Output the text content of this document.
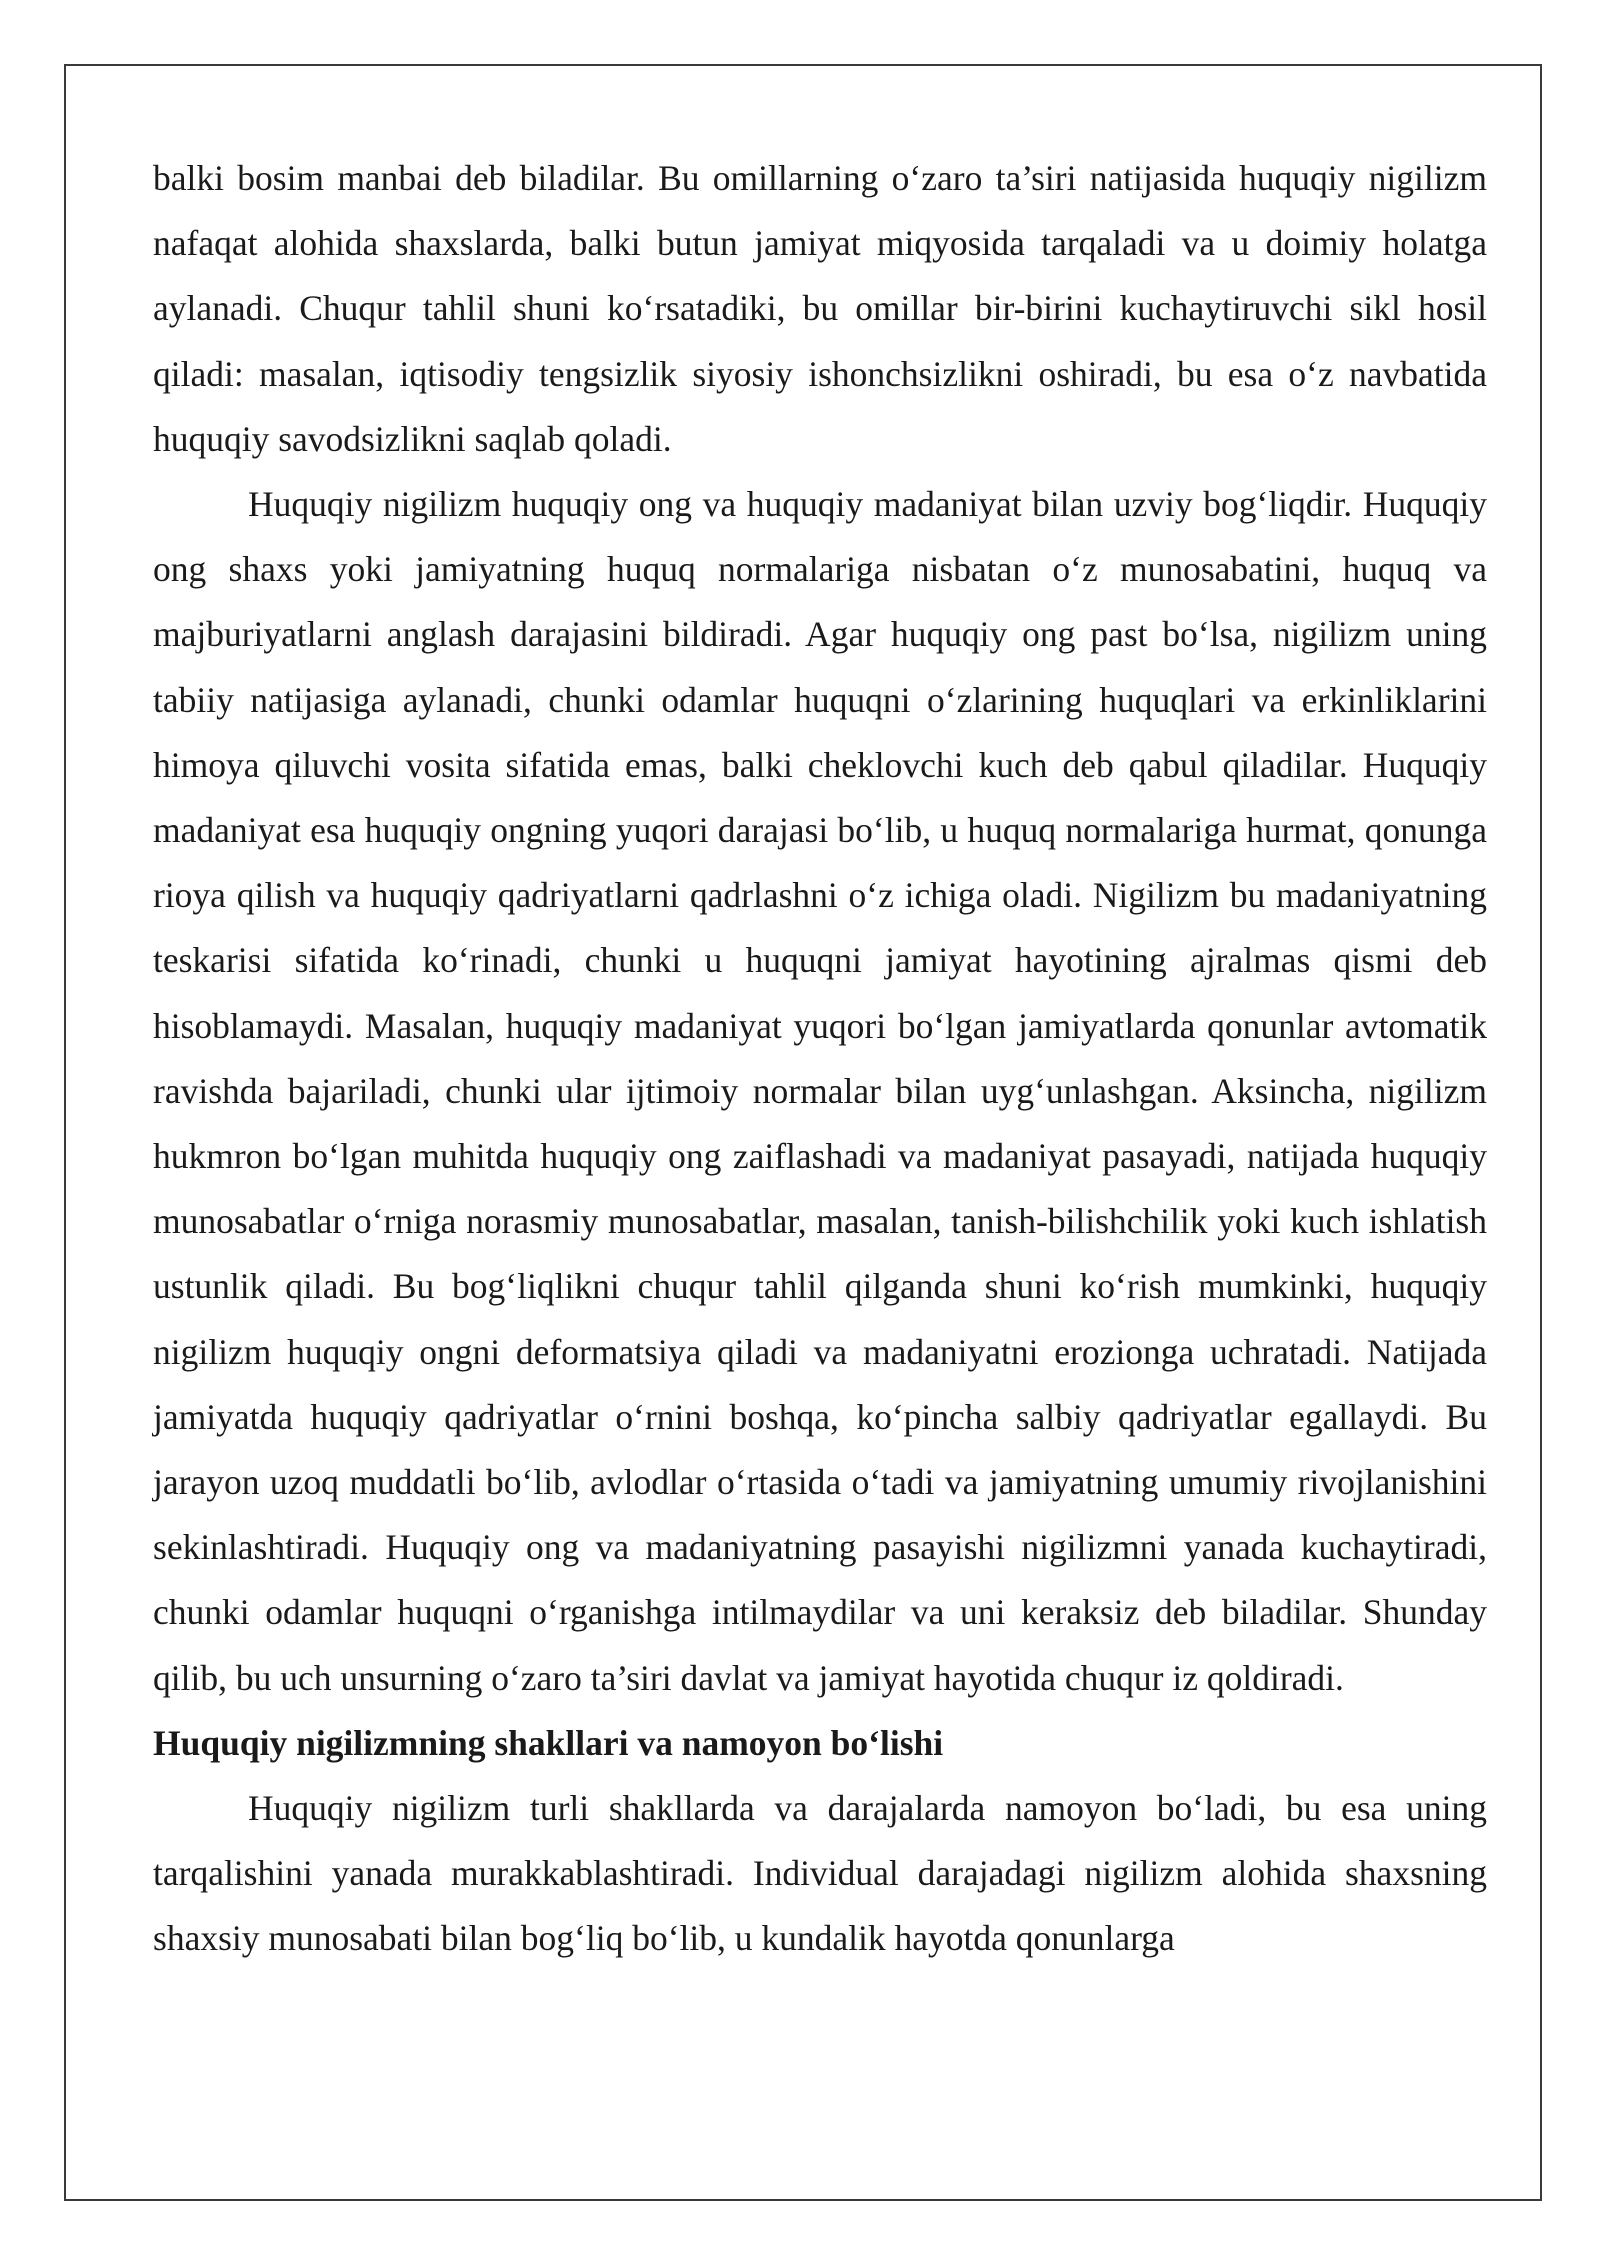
balki bosim manbai deb biladilar. Bu omillarning o‘zaro ta’siri natijasida huquqiy nigilizm nafaqat alohida shaxslarda, balki butun jamiyat miqyosida tarqaladi va u doimiy holatga aylanadi. Chuqur tahlil shuni ko‘rsatadiki, bu omillar bir-birini kuchaytiruvchi sikl hosil qiladi: masalan, iqtisodiy tengsizlik siyosiy ishonchsizlikni oshiradi, bu esa o‘z navbatida huquqiy savodsizlikni saqlab qoladi.

Huquqiy nigilizm huquqiy ong va huquqiy madaniyat bilan uzviy bog‘liqdir. Huquqiy ong shaxs yoki jamiyatning huquq normalariga nisbatan o‘z munosabatini, huquq va majburiyatlarni anglash darajasini bildiradi. Agar huquqiy ong past bo‘lsa, nigilizm uning tabiiy natijasiga aylanadi, chunki odamlar huquqni o‘zlarining huquqlari va erkinliklarini himoya qiluvchi vosita sifatida emas, balki cheklovchi kuch deb qabul qiladilar. Huquqiy madaniyat esa huquqiy ongning yuqori darajasi bo‘lib, u huquq normalariga hurmat, qonunga rioya qilish va huquqiy qadriyatlarni qadrlashni o‘z ichiga oladi. Nigilizm bu madaniyatning teskarisi sifatida ko‘rinadi, chunki u huquqni jamiyat hayotining ajralmas qismi deb hisoblamaydi. Masalan, huquqiy madaniyat yuqori bo‘lgan jamiyatlarda qonunlar avtomatik ravishda bajariladi, chunki ular ijtimoiy normalar bilan uyg‘unlashgan. Aksincha, nigilizm hukmron bo‘lgan muhitda huquqiy ong zaiflashadi va madaniyat pasayadi, natijada huquqiy munosabatlar o‘rniga norasmiy munosabatlar, masalan, tanish-bilishchilik yoki kuch ishlatish ustunlik qiladi. Bu bog‘liqlikni chuqur tahlil qilganda shuni ko‘rish mumkinki, huquqiy nigilizm huquqiy ongni deformatsiya qiladi va madaniyatni erozionga uchratadi. Natijada jamiyatda huquqiy qadriyatlar o‘rnini boshqa, ko‘pincha salbiy qadriyatlar egallaydi. Bu jarayon uzoq muddatli bo‘lib, avlodlar o‘rtasida o‘tadi va jamiyatning umumiy rivojlanishini sekinlashtiradi. Huquqiy ong va madaniyatning pasayishi nigilizmni yanada kuchaytiradi, chunki odamlar huquqni o‘rganishga intilmaydilar va uni keraksiz deb biladilar. Shunday qilib, bu uch unsurning o‘zaro ta’siri davlat va jamiyat hayotida chuqur iz qoldiradi.

Huquqiy nigilizmning shakllari va namoyon bo‘lishi

Huquqiy nigilizm turli shakllarda va darajalarda namoyon bo‘ladi, bu esa uning tarqalishini yanada murakkablashtiradi. Individual darajadagi nigilizm alohida shaxsning shaxsiy munosabati bilan bog‘liq bo‘lib, u kundalik hayotda qonunlarga
